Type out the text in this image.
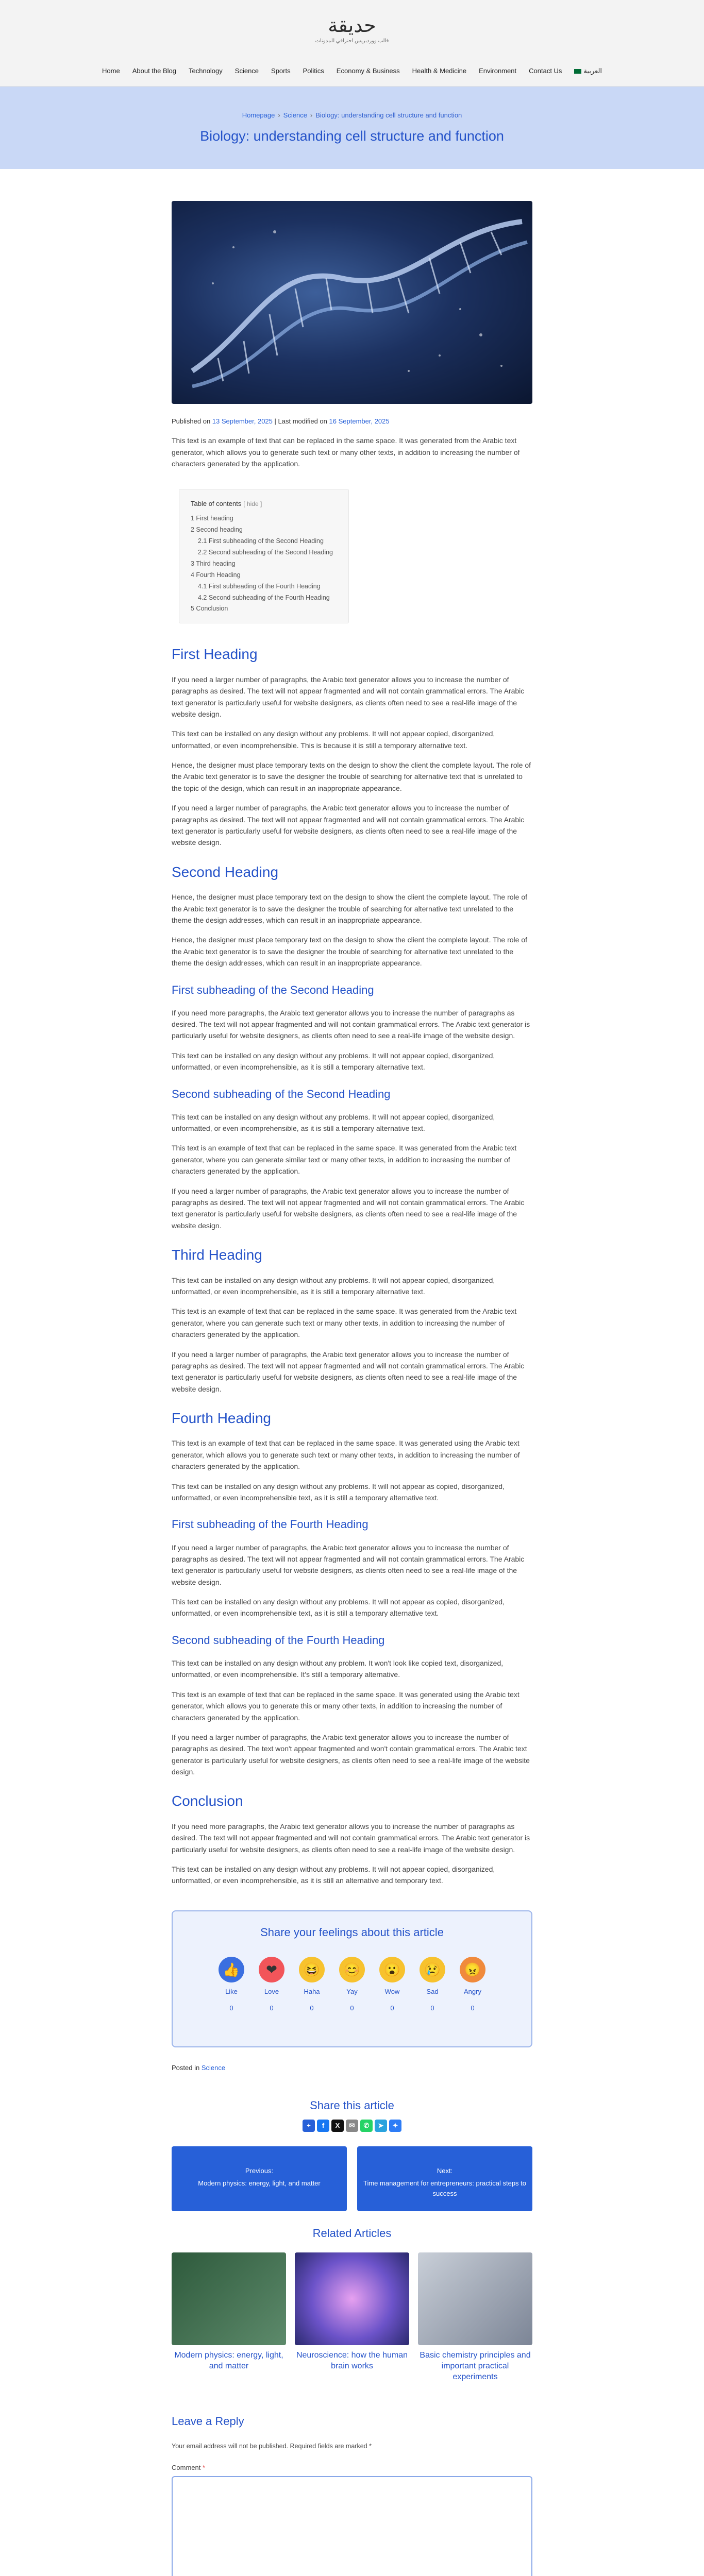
حديقة
قالب ووردبريس احترافي للمدونات
Home About the Blog Technology Science Sports Politics Economy & Business Health & Medicine Environment Contact Us	العربية
Homepage › Science › Biology: understanding cell structure and function
Biology: understanding cell structure and function
Published on 13 September, 2025 | Last modified on 16 September, 2025

This text is an example of text that can be replaced in the same space. It was generated from the Arabic text generator, which allows you to generate such text or many other texts, in addition to increasing the number of characters generated by the application.

Table of contents [ hide ]
1 First heading
2 Second heading
2.1 First subheading of the Second Heading
2.2 Second subheading of the Second Heading
3 Third heading
4 Fourth Heading
4.1 First subheading of the Fourth Heading
4.2 Second subheading of the Fourth Heading
5 Conclusion
First Heading

If you need a larger number of paragraphs, the Arabic text generator allows you to increase the number of paragraphs as desired. The text will not appear fragmented and will not contain grammatical errors. The Arabic text generator is particularly useful for website designers, as clients often need to see a real-life image of the website design.

This text can be installed on any design without any problems. It will not appear copied, disorganized, unformatted, or even incomprehensible. This is because it is still a temporary alternative text.

Hence, the designer must place temporary texts on the design to show the client the complete layout. The role of the Arabic text generator is to save the designer the trouble of searching for alternative text that is unrelated to the topic of the design, which can result in an inappropriate appearance.

If you need a larger number of paragraphs, the Arabic text generator allows you to increase the number of paragraphs as desired. The text will not appear fragmented and will not contain grammatical errors. The Arabic text generator is particularly useful for website designers, as clients often need to see a real-life image of the website design.

Second Heading

Hence, the designer must place temporary text on the design to show the client the complete layout. The role of the Arabic text generator is to save the designer the trouble of searching for alternative text unrelated to the theme the design addresses, which can result in an inappropriate appearance.

Hence, the designer must place temporary text on the design to show the client the complete layout. The role of the Arabic text generator is to save the designer the trouble of searching for alternative text unrelated to the theme the design addresses, which can result in an inappropriate appearance.

First subheading of the Second Heading

If you need more paragraphs, the Arabic text generator allows you to increase the number of paragraphs as desired. The text will not appear fragmented and will not contain grammatical errors. The Arabic text generator is particularly useful for website designers, as clients often need to see a real-life image of the website design.

This text can be installed on any design without any problems. It will not appear copied, disorganized, unformatted, or even incomprehensible, as it is still a temporary alternative text.

Second subheading of the Second Heading

This text can be installed on any design without any problems. It will not appear copied, disorganized, unformatted, or even incomprehensible, as it is still a temporary alternative text.

This text is an example of text that can be replaced in the same space. It was generated from the Arabic text generator, where you can generate similar text or many other texts, in addition to increasing the number of characters generated by the application.

If you need a larger number of paragraphs, the Arabic text generator allows you to increase the number of paragraphs as desired. The text will not appear fragmented and will not contain grammatical errors. The Arabic text generator is particularly useful for website designers, as clients often need to see a real-life image of the website design.

Third Heading

This text can be installed on any design without any problems. It will not appear copied, disorganized, unformatted, or even incomprehensible, as it is still a temporary alternative text.

This text is an example of text that can be replaced in the same space. It was generated from the Arabic text generator, where you can generate such text or many other texts, in addition to increasing the number of characters generated by the application.

If you need a larger number of paragraphs, the Arabic text generator allows you to increase the number of paragraphs as desired. The text will not appear fragmented and will not contain grammatical errors. The Arabic text generator is particularly useful for website designers, as clients often need to see a real-life image of the website design.

Fourth Heading

This text is an example of text that can be replaced in the same space. It was generated using the Arabic text generator, which allows you to generate such text or many other texts, in addition to increasing the number of characters generated by the application.

This text can be installed on any design without any problems. It will not appear as copied, disorganized, unformatted, or even incomprehensible text, as it is still a temporary alternative text.

First subheading of the Fourth Heading

If you need a larger number of paragraphs, the Arabic text generator allows you to increase the number of paragraphs as desired. The text will not appear fragmented and will not contain grammatical errors. The Arabic text generator is particularly useful for website designers, as clients often need to see a real-life image of the website design.

This text can be installed on any design without any problems. It will not appear as copied, disorganized, unformatted, or even incomprehensible text, as it is still a temporary alternative text.

Second subheading of the Fourth Heading

This text can be installed on any design without any problem. It won't look like copied text, disorganized, unformatted, or even incomprehensible. It's still a temporary alternative.

This text is an example of text that can be replaced in the same space. It was generated using the Arabic text generator, which allows you to generate this or many other texts, in addition to increasing the number of characters generated by the application.

If you need a larger number of paragraphs, the Arabic text generator allows you to increase the number of paragraphs as desired. The text won't appear fragmented and won't contain grammatical errors. The Arabic text generator is particularly useful for website designers, as clients often need to see a real-life image of the website design.

Conclusion

If you need more paragraphs, the Arabic text generator allows you to increase the number of paragraphs as desired. The text will not appear fragmented and will not contain grammatical errors. The Arabic text generator is particularly useful for website designers, as clients often need to see a real-life image of the website design.

This text can be installed on any design without any problems. It will not appear copied, disorganized, unformatted, or even incomprehensible, as it is still an alternative and temporary text.

Share your feelings about this article
👍
Like
0
❤
Love
0
😆
Haha
0
😊
Yay
0
😮
Wow
0
😢
Sad
0
😠
Angry
0
Posted in Science
Share this article
+	f	X	✉	✆	➤	✦
Previous:
Modern physics: energy, light, and matter
Next:
Time management for entrepreneurs: practical steps to success
Related Articles
Modern physics: energy, light, and matter
Neuroscience: how the human brain works
Basic chemistry principles and important practical experiments
Leave a Reply
Your email address will not be published. Required fields are marked *
Comment *
